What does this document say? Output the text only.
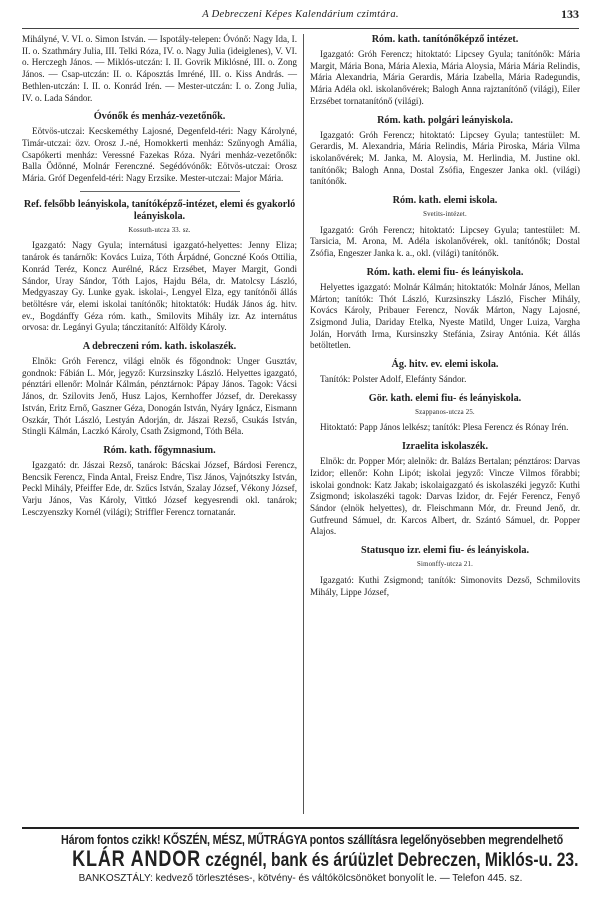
A Debreczeni Képes Kalendárium czimtára.	133

Mihályné, V. VI. o. Simon István. — Ispotály-telepen: Óvónő: Nagy Ida, I. II. o. Szathmáry Julia, III. Telki Róza, IV. o. Nagy Julia (ideiglenes), V. VI. o. Herczegh János. — Miklós-utczán: I. II. Govrik Miklósné, III. o. Zong János. — Csap-utczán: II. o. Káposztás Imréné, III. o. Kiss András. — Bethlen-utczán: I. II. o. Konrád Irén. — Mester-utczán: I. o. Zong Julia, IV. o. Lada Sándor.

Óvónők és menház-vezetőnők.

Eötvös-utczai: Kecskeméthy Lajosné, Degenfeld-téri: Nagy Károlyné, Timár-utczai: özv. Orosz J.-né, Homokkerti menház: Szűnyogh Amália, Csapókerti menház: Veressné Fazekas Róza. Nyári menház-vezetőnők: Balla Ödönné, Molnár Ferenczné. Segédóvónők: Eötvös-utczai: Orosz Mária. Gróf Degenfeld-téri: Nagy Erzsike. Mester-utczai: Major Mária.

Ref. felsőbb leányiskola, tanítóképző-intézet, elemi és gyakorló leányiskola.
Kossuth-utcza 33. sz.

Igazgató: Nagy Gyula; internátusi igazgató-helyettes: Jenny Eliza; tanárok és tanárnők: Kovács Luiza, Tóth Árpádné, Gonczné Koós Ottilia, Konrád Teréz, Koncz Aurélné, Rácz Erzsébet, Mayer Margit, Gondi Sándor, Uray Sándor, Tóth Lajos, Hajdu Béla, dr. Matolcsy László, Medgyaszay Gy. Lunke gyak. iskolai-, Lengyel Elza, egy tanítónői állás betöltésre vár, elemi iskolai tanítónők; hitoktatók: Hudák János ág. hitv. ev., Bogdánffy Géza róm. kath., Smilovits Mihály izr. Az internátus orvosa: dr. Legányi Gyula; tánczitanító: Alföldy Károly.

A debreczeni róm. kath. iskolaszék.

Elnök: Gróh Ferencz, világi elnök és főgondnok: Unger Gusztáv, gondnok: Fábián L. Mór, jegyző: Kurzsinszky László. Helyettes igazgató, pénztári ellenőr: Molnár Kálmán, pénztárnok: Pápay János. Tagok: Vácsi János, dr. Szilovits Jenő, Husz Lajos, Kernhoffer József, dr. Derekassy István, Eritz Ernő, Gaszner Géza, Donogán István, Nyáry Ignácz, Eismann Oszkár, Thót László, Lestyán Adorján, dr. Jászai Rezső, Csukás István, Stingli Kálmán, Laczkó Károly, Csath Zsigmond, Tóth Béla.

Róm. kath. főgymnasium.

Igazgató: dr. Jászai Rezső, tanárok: Bácskai József, Bárdosi Ferencz, Bencsik Ferencz, Finda Antal, Freisz Endre, Tisz János, Vajnótszky István, Peckl Mihály, Pfeiffer Ede, dr. Szűcs István, Szalay József, Vékony József, Varju János, Vas Károly, Vittkó József kegyesrendi okl. tanárok; Lesczyenszky Kornél (világi); Striffler Ferencz tornatanár.

Róm. kath. tanítónőképző intézet.

Igazgató: Gróh Ferencz; hitoktató: Lipcsey Gyula; tanítónők: Mária Margit, Mária Bona, Mária Alexia, Mária Aloysia, Mária Mária Relindis, Mária Alexandria, Mária Gerardis, Mária Izabella, Mária Radegundis, Mária Adéla okl. iskolanővérek; Balogh Anna rajztanítónő (világi), Eiler Erzsébet tornatanítónő (világi).

Róm. kath. polgári leányiskola.

Igazgató: Gróh Ferencz; hitoktató: Lipcsey Gyula; tantestület: M. Gerardis, M. Alexandria, Mária Relindis, Mária Piroska, Mária Vilma iskolanővérek; M. Janka, M. Aloysia, M. Herlindia, M. Justine okl. tanítónők; Balogh Anna, Dostal Zsófia, Engeszer Janka okl. (világi) tanítónők.

Róm. kath. elemi iskola.
Svetits-intézet.

Igazgató: Gróh Ferencz; hitoktató: Lipcsey Gyula; tantestület: M. Tarsicia, M. Arona, M. Adéla iskolanővérek, okl. tanítónők; Dostal Zsófia, Engeszer Janka k. a., okl. (világi) tanítónők.

Róm. kath. elemi fiu- és leányiskola.

Helyettes igazgató: Molnár Kálmán; hitoktatók: Molnár János, Mellan Márton; tanítók: Thót László, Kurzsinszky László, Fischer Mihály, Kovács Károly, Pribauer Ferencz, Novák Márton, Nagy Lajosné, Zsigmond Julia, Dariday Etelka, Nyeste Matild, Unger Luiza, Vargha Jolán, Horváth Irma, Kursinszky Stefánia, Zsiray Antónia. Két állás betöltetlen.

Ág. hitv. ev. elemi iskola.

Tanítók: Polster Adolf, Elefánty Sándor.

Gör. kath. elemi fiu- és leányiskola.
Szappanos-utcza 25.

Hitoktató: Papp János lelkész; tanítók: Plesa Ferencz és Rónay Irén.

Izraelita iskolaszék.

Elnök: dr. Popper Mór; alelnök: dr. Balázs Bertalan; pénztáros: Darvas Izidor; ellenőr: Kohn Lipót; iskolai jegyző: Vincze Vilmos főrabbi; iskolai gondnok: Katz Jakab; iskolaigazgató és iskolaszéki jegyző: Kuthi Zsigmond; iskolaszéki tagok: Darvas Izidor, dr. Fejér Ferencz, Fenyő Sándor (elnök helyettes), dr. Fleischmann Mór, dr. Freund Jenő, dr. Gutfreund Sámuel, dr. Karcos Albert, dr. Szántó Sámuel, dr. Popper Alajos.

Statusquo izr. elemi fiu- és leányiskola.
Simonffy-utcza 21.

Igazgató: Kuthi Zsigmond; tanítók: Simonovits Dezső, Schmilovits Mihály, Lippe József,

Három fontos czikk! KŐSZÉN, MÉSZ, MŰTRÁGYA pontos szállításra legelőnyösebben megrendelhető
KLÁR ANDOR czégnél, bank és árúüzlet Debreczen, Miklós-u. 23.
BANKOSZTÁLY: kedvező törlesztéses-, kötvény- és váltókölcsönöket bonyolít le. — Telefon 445. sz.
